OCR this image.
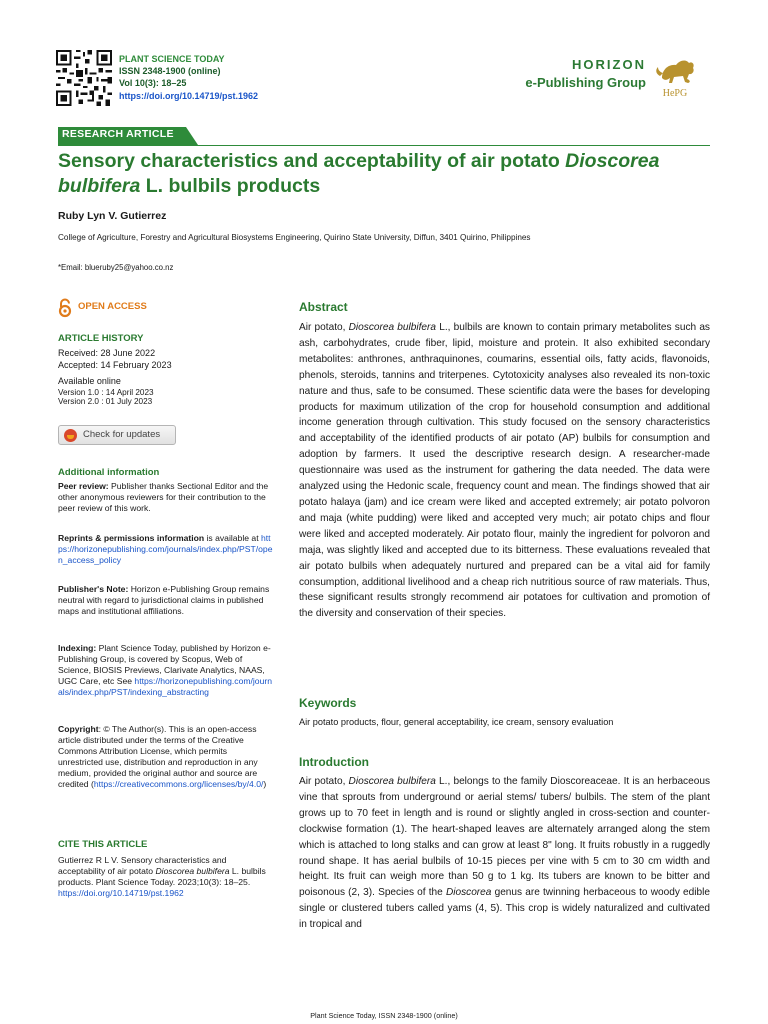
PLANT SCIENCE TODAY
ISSN 2348-1900 (online)
Vol 10(3): 18–25
https://doi.org/10.14719/pst.1962
HORIZON
e-Publishing Group
HePG
RESEARCH ARTICLE
Sensory characteristics and acceptability of air potato Dioscorea bulbifera L. bulbils products
Ruby Lyn V. Gutierrez
College of Agriculture, Forestry and Agricultural Biosystems Engineering, Quirino State University, Diffun, 3401 Quirino, Philippines
*Email: blueruby25@yahoo.co.nz
OPEN ACCESS
ARTICLE HISTORY
Received: 28 June 2022
Accepted: 14 February 2023
Available online
Version 1.0 : 14 April 2023
Version 2.0 : 01 July 2023
Check for updates
Additional information
Peer review: Publisher thanks Sectional Editor and the other anonymous reviewers for their contribution to the peer review of this work.
Reprints & permissions information is available at https://horizonepublishing.com/journals/index.php/PST/open_access_policy
Publisher's Note: Horizon e-Publishing Group remains neutral with regard to jurisdictional claims in published maps and institutional affiliations.
Indexing: Plant Science Today, published by Horizon e-Publishing Group, is covered by Scopus, Web of Science, BIOSIS Previews, Clarivate Analytics, NAAS, UGC Care, etc See https://horizonepublishing.com/journals/index.php/PST/indexing_abstracting
Copyright: © The Author(s). This is an open-access article distributed under the terms of the Creative Commons Attribution License, which permits unrestricted use, distribution and reproduction in any medium, provided the original author and source are credited (https://creativecommons.org/licenses/by/4.0/)
CITE THIS ARTICLE
Gutierrez R L V. Sensory characteristics and acceptability of air potato Dioscorea bulbifera L. bulbils products. Plant Science Today. 2023;10(3): 18–25. https://doi.org/10.14719/pst.1962
Abstract
Air potato, Dioscorea bulbifera L., bulbils are known to contain primary metabolites such as ash, carbohydrates, crude fiber, lipid, moisture and protein. It also exhibited secondary metabolites: anthrones, anthraquinones, coumarins, essential oils, fatty acids, flavonoids, phenols, steroids, tannins and triterpenes. Cytotoxicity analyses also revealed its non-toxic nature and thus, safe to be consumed. These scientific data were the bases for developing products for maximum utilization of the crop for household consumption and additional income generation through cultivation. This study focused on the sensory characteristics and acceptability of the identified products of air potato (AP) bulbils for consumption and adoption by farmers. It used the descriptive research design. A researcher-made questionnaire was used as the instrument for gathering the data needed. The data were analyzed using the Hedonic scale, frequency count and mean. The findings showed that air potato halaya (jam) and ice cream were liked and accepted extremely; air potato polvoron and maja (white pudding) were liked and accepted very much; air potato chips and flour were liked and accepted moderately. Air potato flour, mainly the ingredient for polvoron and maja, was slightly liked and accepted due to its bitterness. These evaluations revealed that air potato bulbils when adequately nurtured and prepared can be a vital aid for family consumption, additional livelihood and a cheap rich nutritious source of raw materials. Thus, these significant results strongly recommend air potatoes for cultivation and promotion of the diversity and conservation of their species.
Keywords
Air potato products, flour, general acceptability, ice cream, sensory evaluation
Introduction
Air potato, Dioscorea bulbifera L., belongs to the family Dioscoreaceae. It is an herbaceous vine that sprouts from underground or aerial stems/ tubers/ bulbils. The stem of the plant grows up to 70 feet in length and is round or slightly angled in cross-section and counter-clockwise formation (1). The heart-shaped leaves are alternately arranged along the stem which is attached to long stalks and can grow at least 8" long. It fruits robustly in a ruggedly round shape. It has aerial bulbils of 10-15 pieces per vine with 5 cm to 30 cm width and height. Its fruit can weigh more than 50 g to 1 kg. Its tubers are known to be bitter and poisonous (2, 3). Species of the Dioscorea genus are twinning herbaceous to woody edible single or clustered tubers called yams (4, 5). This crop is widely naturalized and cultivated in tropical and
Plant Science Today, ISSN 2348-1900 (online)
